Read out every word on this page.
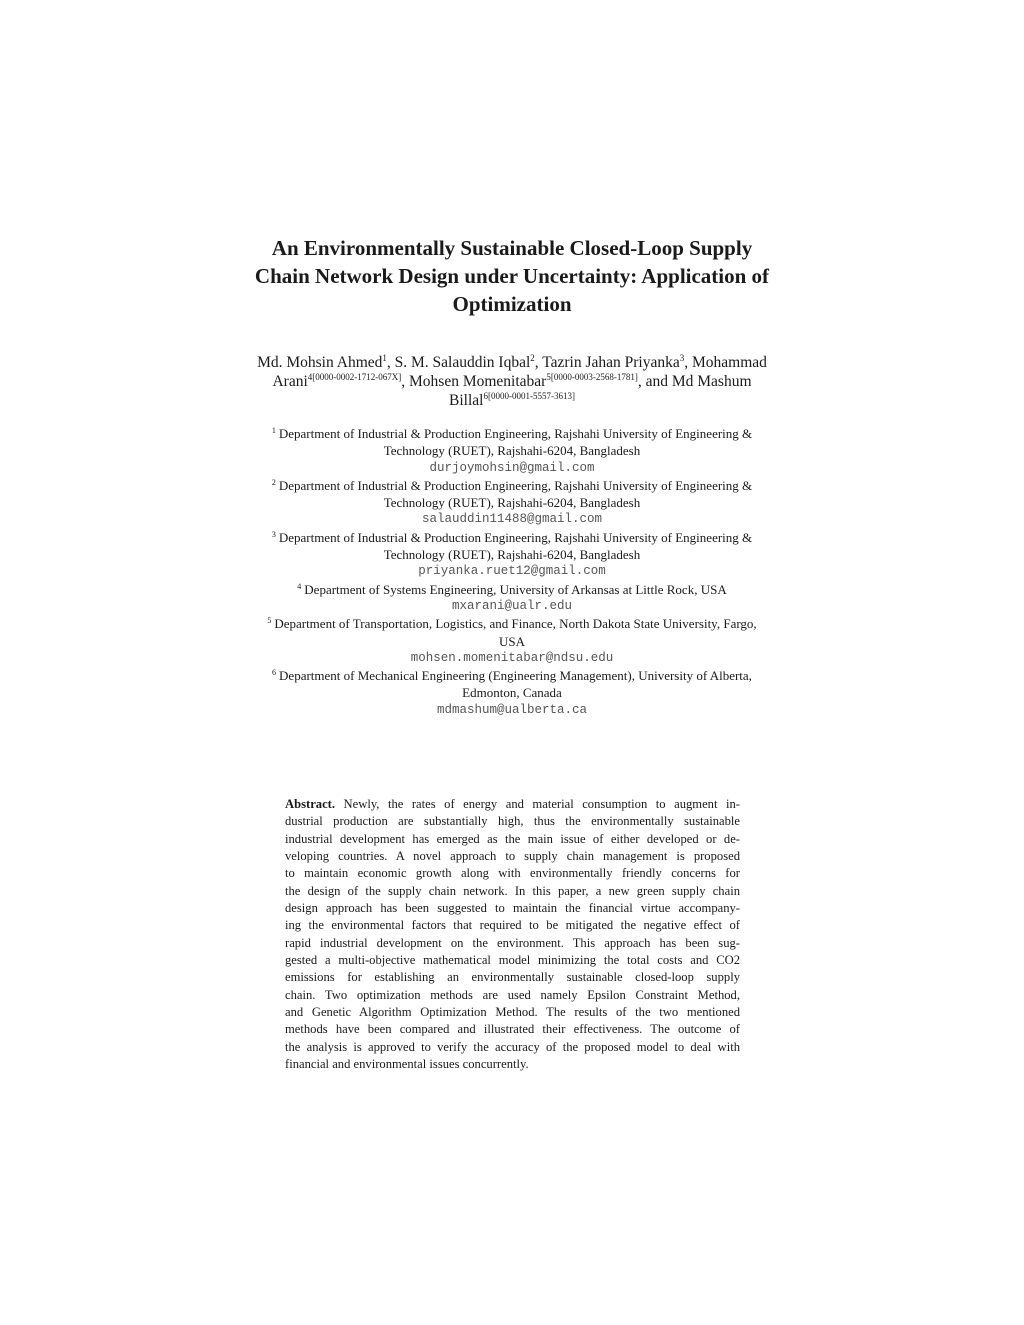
An Environmentally Sustainable Closed-Loop Supply
Chain Network Design under Uncertainty: Application of
Optimization
Md. Mohsin Ahmed$^1$, S. M. Salauddin Iqbal$^2$, Tazrin Jahan Priyanka$^3$, Mohammad
Arani$^{4[0000-0002-1712-067X]}$, Mohsen Momenitabar$^{5[0000-0003-2568-1781]}$, and Md Mashum
Billal$^{6[0000-0001-5557-3613]}$
$^1$ Department of Industrial & Production Engineering, Rajshahi University of Engineering &
Technology (RUET), Rajshahi-6204, Bangladesh
durjoymohsin@gmail.com
$^2$ Department of Industrial & Production Engineering, Rajshahi University of Engineering &
Technology (RUET), Rajshahi-6204, Bangladesh
salauddin11488@gmail.com
$^3$ Department of Industrial & Production Engineering, Rajshahi University of Engineering &
Technology (RUET), Rajshahi-6204, Bangladesh
priyanka.ruet12@gmail.com
$^4$ Department of Systems Engineering, University of Arkansas at Little Rock, USA
mxarani@ualr.edu
$^5$ Department of Transportation, Logistics, and Finance, North Dakota State University, Fargo,
USA
mohsen.momenitabar@ndsu.edu
$^6$ Department of Mechanical Engineering (Engineering Management), University of Alberta,
Edmonton, Canada
mdmashum@ualberta.ca
Abstract. Newly, the rates of energy and material consumption to augment in-
dustrial production are substantially high, thus the environmentally sustainable
industrial development has emerged as the main issue of either developed or de-
veloping countries. A novel approach to supply chain management is proposed
to maintain economic growth along with environmentally friendly concerns for
the design of the supply chain network. In this paper, a new green supply chain
design approach has been suggested to maintain the financial virtue accompany-
ing the environmental factors that required to be mitigated the negative effect of
rapid industrial development on the environment. This approach has been sug-
gested a multi-objective mathematical model minimizing the total costs and CO2
emissions for establishing an environmentally sustainable closed-loop supply
chain. Two optimization methods are used namely Epsilon Constraint Method,
and Genetic Algorithm Optimization Method. The results of the two mentioned
methods have been compared and illustrated their effectiveness. The outcome of
the analysis is approved to verify the accuracy of the proposed model to deal with
financial and environmental issues concurrently.
